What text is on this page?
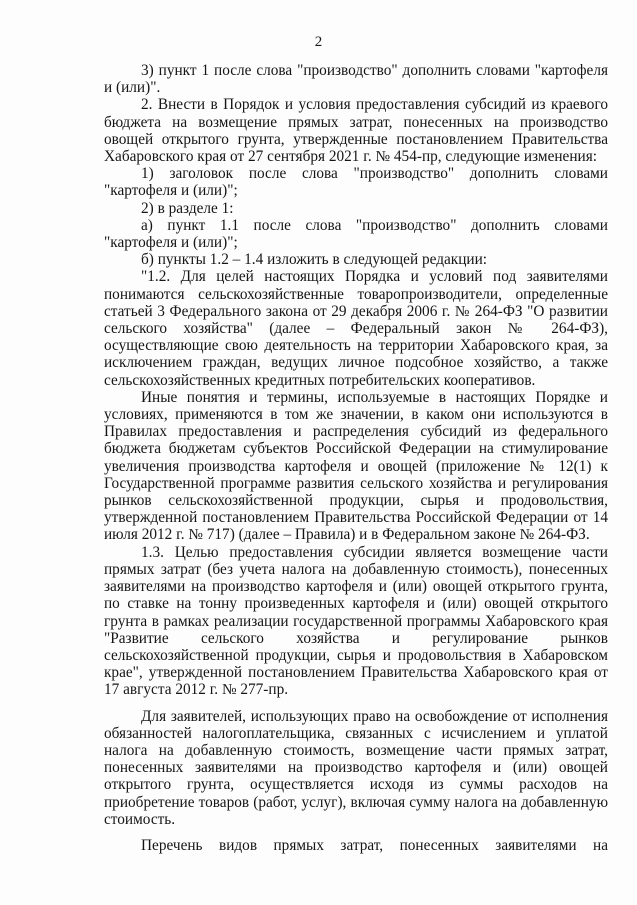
2

3) пункт 1 после слова "производство" дополнить словами "картофеля и (или)".

2. Внести в Порядок и условия предоставления субсидий из краевого бюджета на возмещение прямых затрат, понесенных на производство овощей открытого грунта, утвержденные постановлением Правительства Хабаровского края от 27 сентября 2021 г. № 454-пр, следующие изменения:

1) заголовок после слова "производство" дополнить словами "картофеля и (или)";

2) в разделе 1:

а) пункт 1.1 после слова "производство" дополнить словами "картофеля и (или)";

б) пункты 1.2 – 1.4 изложить в следующей редакции:

"1.2. Для целей настоящих Порядка и условий под заявителями понимаются сельскохозяйственные товаропроизводители, определенные статьей 3 Федерального закона от 29 декабря 2006 г. № 264-ФЗ "О развитии сельского хозяйства" (далее – Федеральный закон № 264-ФЗ), осуществляющие свою деятельность на территории Хабаровского края, за исключением граждан, ведущих личное подсобное хозяйство, а также сельскохозяйственных кредитных потребительских кооперативов.

Иные понятия и термины, используемые в настоящих Порядке и условиях, применяются в том же значении, в каком они используются в Правилах предоставления и распределения субсидий из федерального бюджета бюджетам субъектов Российской Федерации на стимулирование увеличения производства картофеля и овощей (приложение № 12(1) к Государственной программе развития сельского хозяйства и регулирования рынков сельскохозяйственной продукции, сырья и продовольствия, утвержденной постановлением Правительства Российской Федерации от 14 июля 2012 г. № 717) (далее – Правила) и в Федеральном законе № 264-ФЗ.

1.3. Целью предоставления субсидии является возмещение части прямых затрат (без учета налога на добавленную стоимость), понесенных заявителями на производство картофеля и (или) овощей открытого грунта, по ставке на тонну произведенных картофеля и (или) овощей открытого грунта в рамках реализации государственной программы Хабаровского края "Развитие сельского хозяйства и регулирование рынков сельскохозяйственной продукции, сырья и продовольствия в Хабаровском крае", утвержденной постановлением Правительства Хабаровского края от 17 августа 2012 г. № 277-пр.

Для заявителей, использующих право на освобождение от исполнения обязанностей налогоплательщика, связанных с исчислением и уплатой налога на добавленную стоимость, возмещение части прямых затрат, понесенных заявителями на производство картофеля и (или) овощей открытого грунта, осуществляется исходя из суммы расходов на приобретение товаров (работ, услуг), включая сумму налога на добавленную стоимость.

Перечень видов прямых затрат, понесенных заявителями на
